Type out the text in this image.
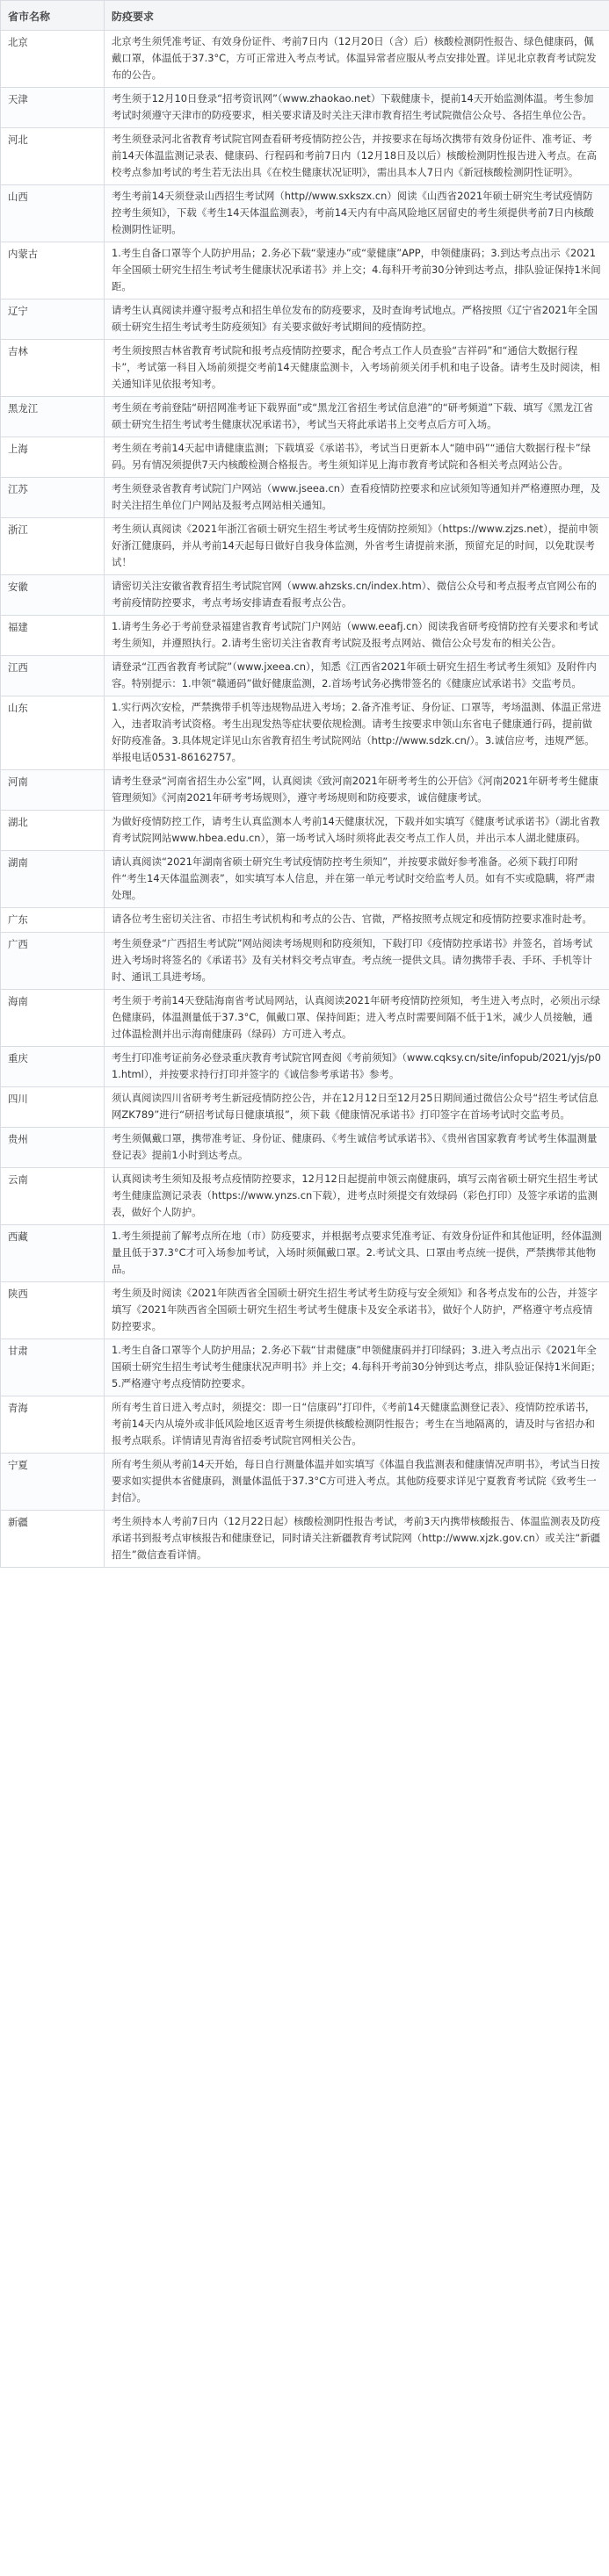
省市名称	防疫要求
北京	北京考生须凭准考证、有效身份证件、考前7日内（12月20日（含）后）核酸检测阴性报告、绿色健康码，佩戴口罩，体温低于37.3°C，方可正常进入考点考试。体温异常者应服从考点安排处置。详见北京教育考试院发布的公告。
天津	考生须于12月10日登录“招考资讯网”（www.zhaokao.net）下载健康卡，提前14天开始监测体温。考生参加考试时须遵守天津市的防疫要求，相关要求请及时关注天津市教育招生考试院微信公众号、各招生单位公告。
河北	考生须登录河北省教育考试院官网查看研考疫情防控公告，并按要求在每场次携带有效身份证件、准考证、考前14天体温监测记录表、健康码、行程码和考前7日内（12月18日及以后）核酸检测阴性报告进入考点。在高校考点参加考试的考生若无法出具《在校生健康状况证明》，需出具本人7日内《新冠核酸检测阴性证明》。
山西	考生考前14天须登录山西招生考试网（http//www.sxkszx.cn）阅读《山西省2021年硕士研究生考试疫情防控考生须知》，下载《考生14天体温监测表》，考前14天内有中高风险地区居留史的考生须提供考前7日内核酸检测阴性证明。
内蒙古	1.考生自备口罩等个人防护用品；2.务必下载“蒙速办”或“蒙健康”APP，申领健康码；3.到达考点出示《2021年全国硕士研究生招生考试考生健康状况承诺书》并上交；4.每科开考前30分钟到达考点，排队验证保持1米间距。
辽宁	请考生认真阅读并遵守报考点和招生单位发布的防疫要求，及时查询考试地点。严格按照《辽宁省2021年全国硕士研究生招生考试考生防疫须知》有关要求做好考试期间的疫情防控。
吉林	考生须按照吉林省教育考试院和报考点疫情防控要求，配合考点工作人员查验“吉祥码”和“通信大数据行程卡”，考试第一科目入场前须提交考前14天健康监测卡，入考场前须关闭手机和电子设备。请考生及时阅读，相关通知详见依报考知考。
黑龙江	考生须在考前登陆“研招网准考证下载界面”或“黑龙江省招生考试信息港”的“研考频道”下载、填写《黑龙江省硕士研究生招生考试考生健康状况承诺书》，考试当天将此承诺书上交考点后方可入场。
上海	考生须在考前14天起申请健康监测；下载填妥《承诺书》，考试当日更新本人“随申码”“通信大数据行程卡”绿码。另有情况须提供7天内核酸检测合格报告。考生须知详见上海市教育考试院和各相关考点网站公告。
江苏	考生须登录省教育考试院门户网站（www.jseea.cn）查看疫情防控要求和应试须知等通知并严格遵照办理，及时关注招生单位门户网站及报考点网站相关通知。
浙江	考生须认真阅读《2021年浙江省硕士研究生招生考试考生疫情防控须知》（https://www.zjzs.net），提前申领好浙江健康码，并从考前14天起每日做好自我身体监测，外省考生请提前来浙，预留充足的时间，以免耽误考试！
安徽	请密切关注安徽省教育招生考试院官网（www.ahzsks.cn/index.htm）、微信公众号和考点报考点官网公布的考前疫情防控要求，考点考场安排请查看报考点公告。
福建	1.请考生务必于考前登录福建省教育考试院门户网站（www.eeafj.cn）阅读我省研考疫情防控有关要求和考试考生须知，并遵照执行。2.请考生密切关注省教育考试院及报考点网站、微信公众号发布的相关公告。
江西	请登录“江西省教育考试院”（www.jxeea.cn），知悉《江西省2021年硕士研究生招生考试考生须知》及附件内容。特别提示：1.申领“赣通码”做好健康监测，2.首场考试务必携带签名的《健康应试承诺书》交监考员。
山东	1.实行两次安检，严禁携带手机等违规物品进入考场；2.备齐准考证、身份证、口罩等，考场温测、体温正常进入，违者取消考试资格。考生出现发热等症状要依规检测。请考生按要求申领山东省电子健康通行码，提前做好防疫准备。3.具体规定详见山东省教育招生考试院网站（http://www.sdzk.cn/）。3.诚信应考，违规严惩。举报电话0531-86162757。
河南	请考生登录“河南省招生办公室”网，认真阅读《致河南2021年研考考生的公开信》《河南2021年研考考生健康管理须知》《河南2021年研考考场规则》，遵守考场规则和防疫要求，诚信健康考试。
湖北	为做好疫情防控工作，请考生认真监测本人考前14天健康状况，下载并如实填写《健康考试承诺书》（湖北省教育考试院网站www.hbea.edu.cn），第一场考试入场时须将此表交考点工作人员，并出示本人湖北健康码。
湖南	请认真阅读“2021年湖南省硕士研究生考试疫情防控考生须知”，并按要求做好参考准备。必须下载打印附件“考生14天体温监测表”，如实填写本人信息，并在第一单元考试时交给监考人员。如有不实或隐瞒，将严肃处理。
广东	请各位考生密切关注省、市招生考试机构和考点的公告、官微，严格按照考点规定和疫情防控要求准时赴考。
广西	考生须登录“广西招生考试院”网站阅读考场规则和防疫须知，下载打印《疫情防控承诺书》并签名，首场考试进入考场时将签名的《承诺书》及有关材料交考点审查。考点统一提供文具。请勿携带手表、手环、手机等计时、通讯工具进考场。
海南	考生须于考前14天登陆海南省考试局网站，认真阅读2021年研考疫情防控须知，考生进入考点时，必须出示绿色健康码，体温测量低于37.3°C，佩戴口罩、保持间距；进入考点时需要间隔不低于1米，减少人员接触，通过体温检测并出示海南健康码（绿码）方可进入考点。
重庆	考生打印准考证前务必登录重庆教育考试院官网查阅《考前须知》（www.cqksy.cn/site/infopub/2021/yjs/p01.html），并按要求持行打印并签字的《诚信参考承诺书》参考。
四川	须认真阅读四川省研考考生新冠疫情防控公告，并在12月12日至12月25日期间通过微信公众号“招生考试信息网ZK789”进行“研招考试每日健康填报”，须下载《健康情况承诺书》打印签字在首场考试时交监考员。
贵州	考生须佩戴口罩，携带准考证、身份证、健康码、《考生诚信考试承诺书》、《贵州省国家教育考试考生体温测量登记表》提前1小时到达考点。
云南	认真阅读考生须知及报考点疫情防控要求，12月12日起提前申领云南健康码，填写云南省硕士研究生招生考试考生健康监测记录表（https://www.ynzs.cn下载），进考点时须提交有效绿码（彩色打印）及签字承诺的监测表，做好个人防护。
西藏	1.考生须提前了解考点所在地（市）防疫要求，并根据考点要求凭准考证、有效身份证件和其他证明，经体温测量且低于37.3°C才可入场参加考试，入场时须佩戴口罩。2.考试文具、口罩由考点统一提供，严禁携带其他物品。
陕西	考生须及时阅读《2021年陕西省全国硕士研究生招生考试考生防疫与安全须知》和各考点发布的公告，并签字填写《2021年陕西省全国硕士研究生招生考试考生健康卡及安全承诺书》，做好个人防护，严格遵守考点疫情防控要求。
甘肃	1.考生自备口罩等个人防护用品；2.务必下载“甘肃健康”申领健康码并打印绿码；3.进入考点出示《2021年全国硕士研究生招生考试考生健康状况声明书》并上交；4.每科开考前30分钟到达考点，排队验证保持1米间距；5.严格遵守考点疫情防控要求。
青海	所有考生首日进入考点时，须提交：即一日“信康码”打印件，《考前14天健康监测登记表》、疫情防控承诺书，考前14天内从境外或非低风险地区返青考生须提供核酸检测阴性报告；考生在当地隔离的，请及时与省招办和报考点联系。详情请见青海省招委考试院官网相关公告。
宁夏	所有考生须从考前14天开始，每日自行测量体温并如实填写《体温自我监测表和健康情况声明书》，考试当日按要求如实提供本省健康码，测量体温低于37.3°C方可进入考点。其他防疫要求详见宁夏教育考试院《致考生一封信》。
新疆	考生须持本人考前7日内（12月22日起）核酸检测阴性报告考试，考前3天内携带核酸报告、体温监测表及防疫承诺书到报考点审核报告和健康登记，同时请关注新疆教育考试院网（http://www.xjzk.gov.cn）或关注“新疆招生”微信查看详情。
